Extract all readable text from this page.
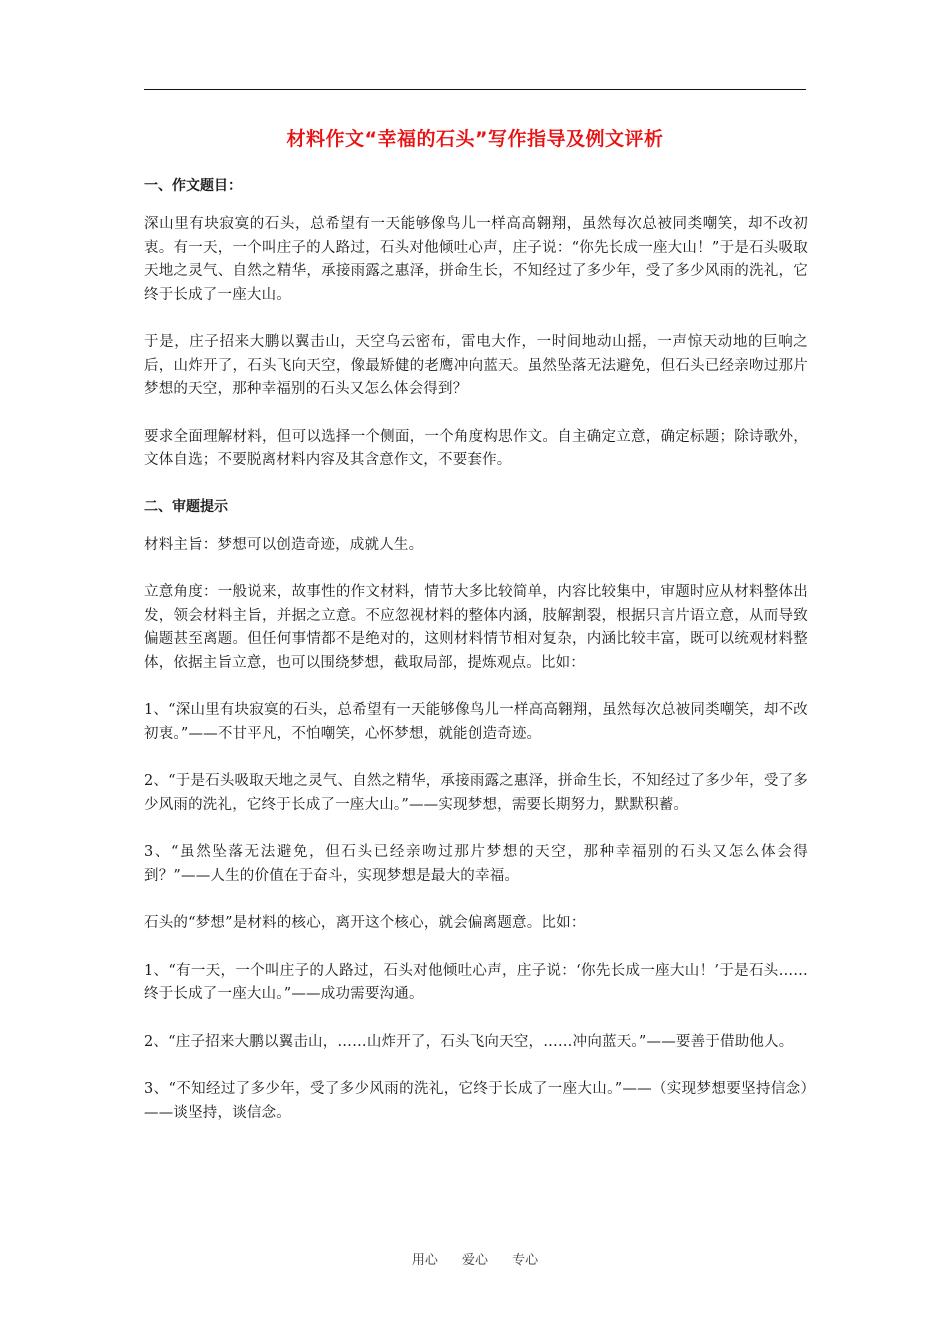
材料作文“幸福的石头”写作指导及例文评析
一、作文题目：

深山里有块寂寞的石头，总希望有一天能够像鸟儿一样高高翱翔，虽然每次总被同类嘲笑，却不改初衷。有一天，一个叫庄子的人路过，石头对他倾吐心声，庄子说：“你先长成一座大山！”于是石头吸取天地之灵气、自然之精华，承接雨露之惠泽，拼命生长，不知经过了多少年，受了多少风雨的洗礼，它终于长成了一座大山。

于是，庄子招来大鹏以翼击山，天空乌云密布，雷电大作，一时间地动山摇，一声惊天动地的巨响之后，山炸开了，石头飞向天空，像最矫健的老鹰冲向蓝天。虽然坠落无法避免，但石头已经亲吻过那片梦想的天空，那种幸福别的石头又怎么体会得到？

要求全面理解材料，但可以选择一个侧面，一个角度构思作文。自主确定立意，确定标题；除诗歌外，文体自选；不要脱离材料内容及其含意作文，不要套作。

二、审题提示

材料主旨：梦想可以创造奇迹，成就人生。

立意角度：一般说来，故事性的作文材料，情节大多比较简单，内容比较集中，审题时应从材料整体出发，领会材料主旨，并据之立意。不应忽视材料的整体内涵，肢解割裂，根据只言片语立意，从而导致偏题甚至离题。但任何事情都不是绝对的，这则材料情节相对复杂，内涵比较丰富，既可以统观材料整体，依据主旨立意，也可以围绕梦想，截取局部，提炼观点。比如：

1、“深山里有块寂寞的石头，总希望有一天能够像鸟儿一样高高翱翔，虽然每次总被同类嘲笑，却不改初衷。”——不甘平凡，不怕嘲笑，心怀梦想，就能创造奇迹。

2、“于是石头吸取天地之灵气、自然之精华，承接雨露之惠泽，拼命生长，不知经过了多少年，受了多少风雨的洗礼，它终于长成了一座大山。”——实现梦想，需要长期努力，默默积蓄。

3、“虽然坠落无法避免，但石头已经亲吻过那片梦想的天空，那种幸福别的石头又怎么体会得到？”——人生的价值在于奋斗，实现梦想是最大的幸福。

石头的“梦想”是材料的核心，离开这个核心，就会偏离题意。比如：

1、“有一天，一个叫庄子的人路过，石头对他倾吐心声，庄子说：‘你先长成一座大山！’于是石头……终于长成了一座大山。”——成功需要沟通。

2、“庄子招来大鹏以翼击山，……山炸开了，石头飞向天空，……冲向蓝天。”——要善于借助他人。

3、“不知经过了多少年，受了多少风雨的洗礼，它终于长成了一座大山。”——（实现梦想要坚持信念）——谈坚持，谈信念。

用心 爱心 专心
